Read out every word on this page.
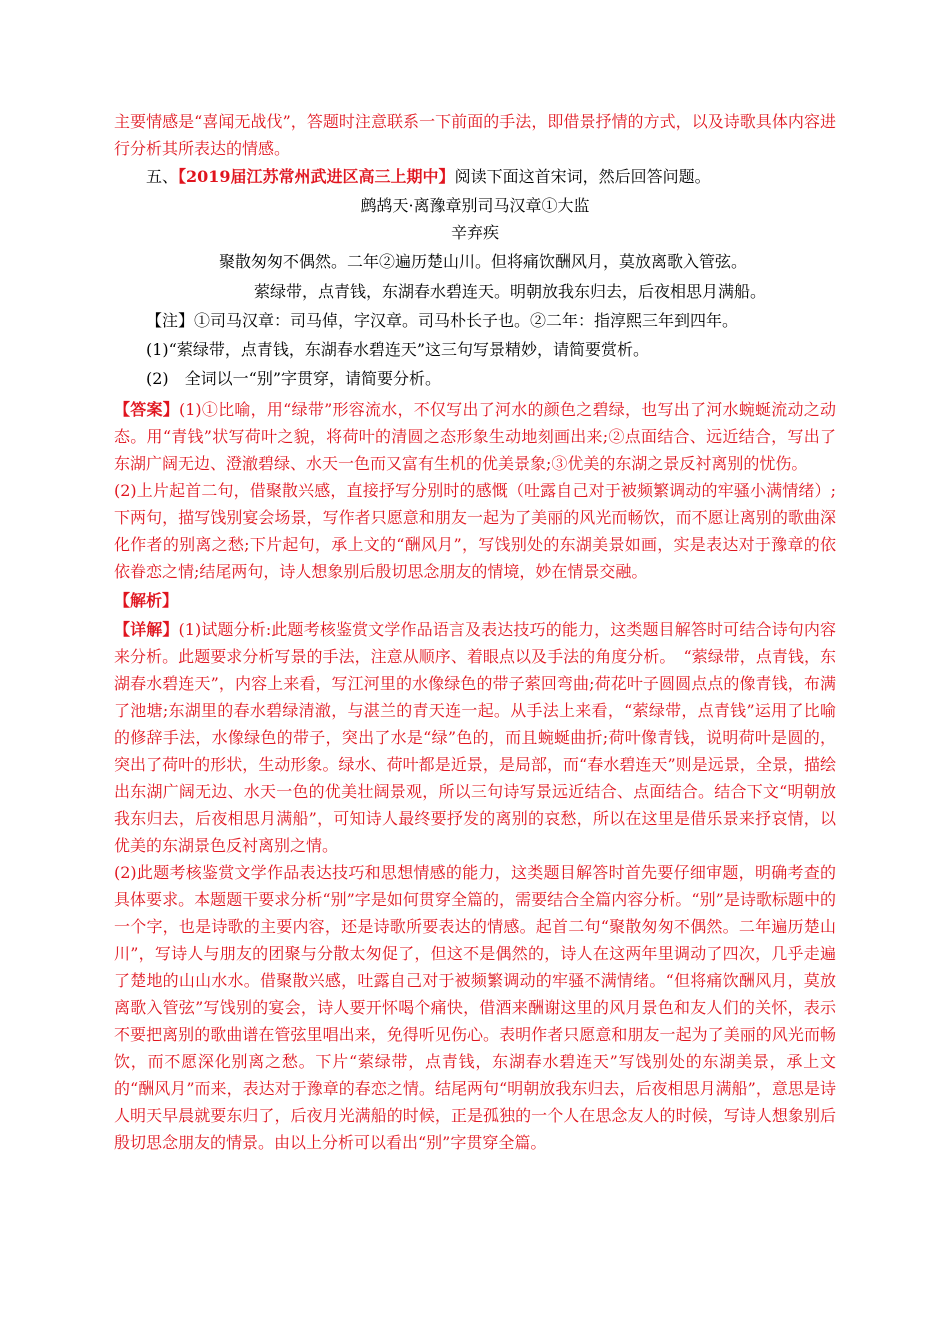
主要情感是“喜闻无战伐”，答题时注意联系一下前面的手法，即借景抒情的方式，以及诗歌具体内容进行分析其所表达的情感。

五、【2019届江苏常州武进区高三上期中】阅读下面这首宋词，然后回答问题。

鹧鸪天·离豫章别司马汉章①大监

辛弃疾

聚散匆匆不偶然。二年②遍历楚山川。但将痛饮酬风月，莫放离歌入管弦。

萦绿带，点青钱，东湖春水碧连天。明朝放我东归去，后夜相思月满船。

【注】①司马汉章：司马倬，字汉章。司马朴长子也。②二年：指淳熙三年到四年。

(1)“萦绿带，点青钱，东湖春水碧连天”这三句写景精妙，请简要赏析。

(2)　全词以一“别”字贯穿，请简要分析。

【答案】(1)①比喻，用“绿带”形容流水，不仅写出了河水的颜色之碧绿，也写出了河水蜿蜒流动之动态。用“青钱”状写荷叶之貌，将荷叶的清圆之态形象生动地刻画出来;②点面结合、远近结合，写出了东湖广阔无边、澄澈碧绿、水天一色而又富有生机的优美景象;③优美的东湖之景反衬离别的忧伤。

(2)上片起首二句，借聚散兴感，直接抒写分别时的感慨（吐露自己对于被频繁调动的牢骚小满情绪）;下两句，描写饯别宴会场景，写作者只愿意和朋友一起为了美丽的风光而畅饮，而不愿让离别的歌曲深化作者的别离之愁;下片起句，承上文的“酬风月”，写饯别处的东湖美景如画，实是表达对于豫章的依依眷恋之情;结尾两句，诗人想象别后殷切思念朋友的情境，妙在情景交融。

【解析】

【详解】(1)试题分析:此题考核鉴赏文学作品语言及表达技巧的能力，这类题目解答时可结合诗句内容来分析。此题要求分析写景的手法，注意从顺序、着眼点以及手法的角度分析。　“萦绿带，点青钱，东湖春水碧连天”，内容上来看，写江河里的水像绿色的带子萦回弯曲;荷花叶子圆圆点点的像青钱，布满了池塘;东湖里的春水碧绿清澈，与湛兰的青天连一起。从手法上来看，“萦绿带，点青钱”运用了比喻的修辞手法，水像绿色的带子，突出了水是“绿”色的，而且蜿蜒曲折;荷叶像青钱，说明荷叶是圆的，突出了荷叶的形状，生动形象。绿水、荷叶都是近景，是局部，而“春水碧连天”则是远景，全景，描绘出东湖广阔无边、水天一色的优美壮阔景观，所以三句诗写景远近结合、点面结合。结合下文“明朝放我东归去，后夜相思月满船”，可知诗人最终要抒发的离别的哀愁，所以在这里是借乐景来抒哀情，以优美的东湖景色反衬离别之情。

(2)此题考核鉴赏文学作品表达技巧和思想情感的能力，这类题目解答时首先要仔细审题，明确考查的具体要求。本题题干要求分析“别”字是如何贯穿全篇的，需要结合全篇内容分析。“别”是诗歌标题中的一个字，也是诗歌的主要内容，还是诗歌所要表达的情感。起首二句“聚散匆匆不偶然。二年遍历楚山川”，写诗人与朋友的团聚与分散太匆促了，但这不是偶然的，诗人在这两年里调动了四次，几乎走遍了楚地的山山水水。借聚散兴感，吐露自己对于被频繁调动的牢骚不满情绪。“但将痛饮酬风月，莫放离歌入管弦”写饯别的宴会，诗人要开怀喝个痛快，借酒来酬谢这里的风月景色和友人们的关怀，表示不要把离别的歌曲谱在管弦里唱出来，免得听见伤心。表明作者只愿意和朋友一起为了美丽的风光而畅饮，而不愿深化别离之愁。下片“萦绿带，点青钱，东湖春水碧连天”写饯别处的东湖美景，承上文的“酬风月”而来，表达对于豫章的春恋之情。结尾两句“明朝放我东归去，后夜相思月满船”，意思是诗人明天早晨就要东归了，后夜月光满船的时候，正是孤独的一个人在思念友人的时候，写诗人想象别后殷切思念朋友的情景。由以上分析可以看出“别”字贯穿全篇。
